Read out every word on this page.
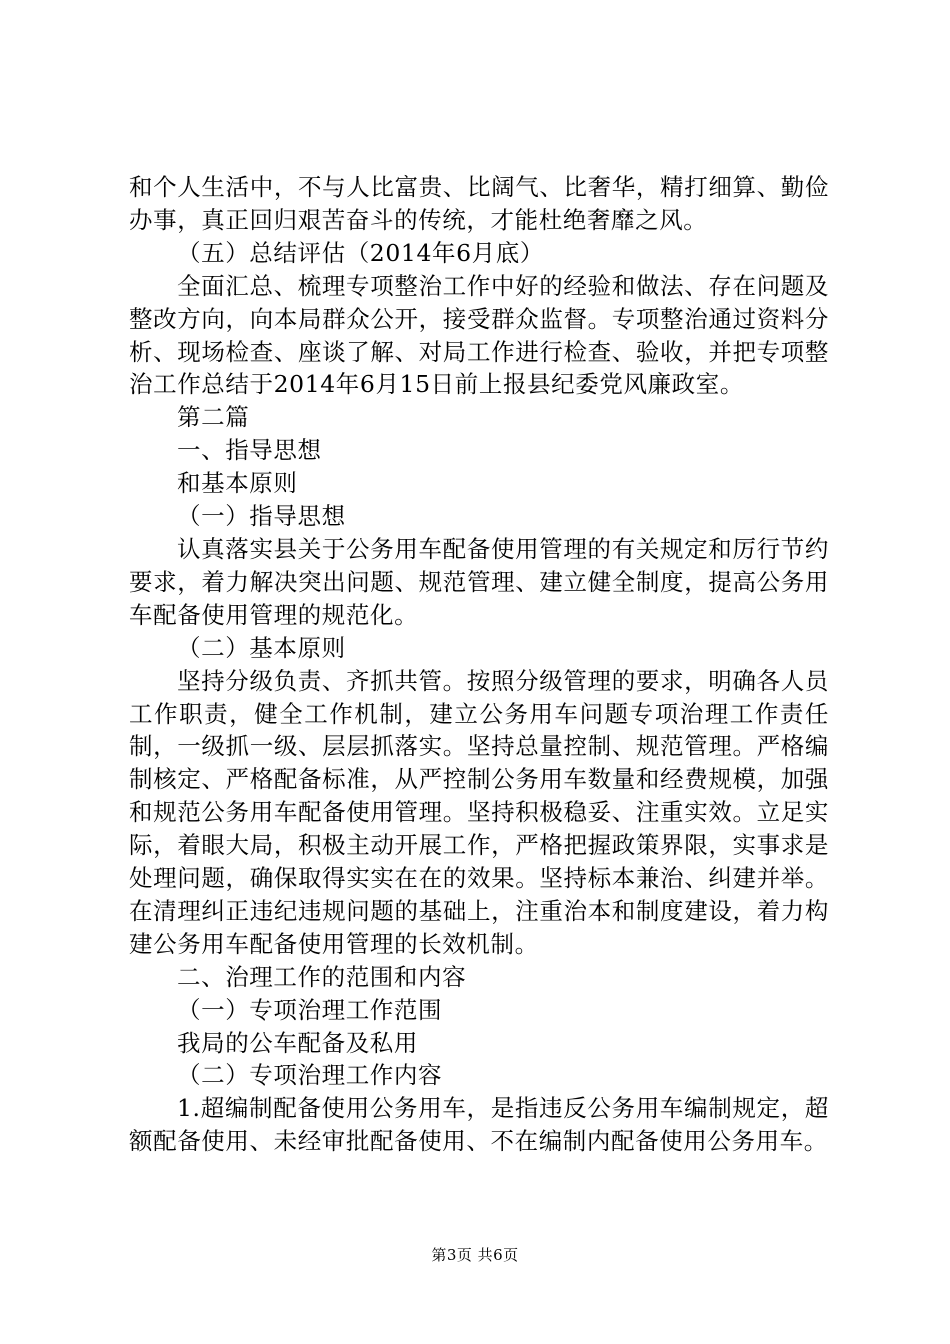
和个人生活中，不与人比富贵、比阔气、比奢华，精打细算、勤俭办事，真正回归艰苦奋斗的传统，才能杜绝奢靡之风。

（五）总结评估（2014年6月底）

全面汇总、梳理专项整治工作中好的经验和做法、存在问题及整改方向，向本局群众公开，接受群众监督。专项整治通过资料分析、现场检查、座谈了解、对局工作进行检查、验收，并把专项整治工作总结于2014年6月15日前上报县纪委党风廉政室。

第二篇

一、指导思想

和基本原则

（一）指导思想

认真落实县关于公务用车配备使用管理的有关规定和厉行节约要求，着力解决突出问题、规范管理、建立健全制度，提高公务用车配备使用管理的规范化。

（二）基本原则

坚持分级负责、齐抓共管。按照分级管理的要求，明确各人员工作职责，健全工作机制，建立公务用车问题专项治理工作责任制，一级抓一级、层层抓落实。坚持总量控制、规范管理。严格编制核定、严格配备标准，从严控制公务用车数量和经费规模，加强和规范公务用车配备使用管理。坚持积极稳妥、注重实效。立足实际，着眼大局，积极主动开展工作，严格把握政策界限，实事求是处理问题，确保取得实实在在的效果。坚持标本兼治、纠建并举。在清理纠正违纪违规问题的基础上，注重治本和制度建设，着力构建公务用车配备使用管理的长效机制。

二、治理工作的范围和内容

（一）专项治理工作范围

我局的公车配备及私用

（二）专项治理工作内容

1.超编制配备使用公务用车，是指违反公务用车编制规定，超额配备使用、未经审批配备使用、不在编制内配备使用公务用车。

第3页 共6页
